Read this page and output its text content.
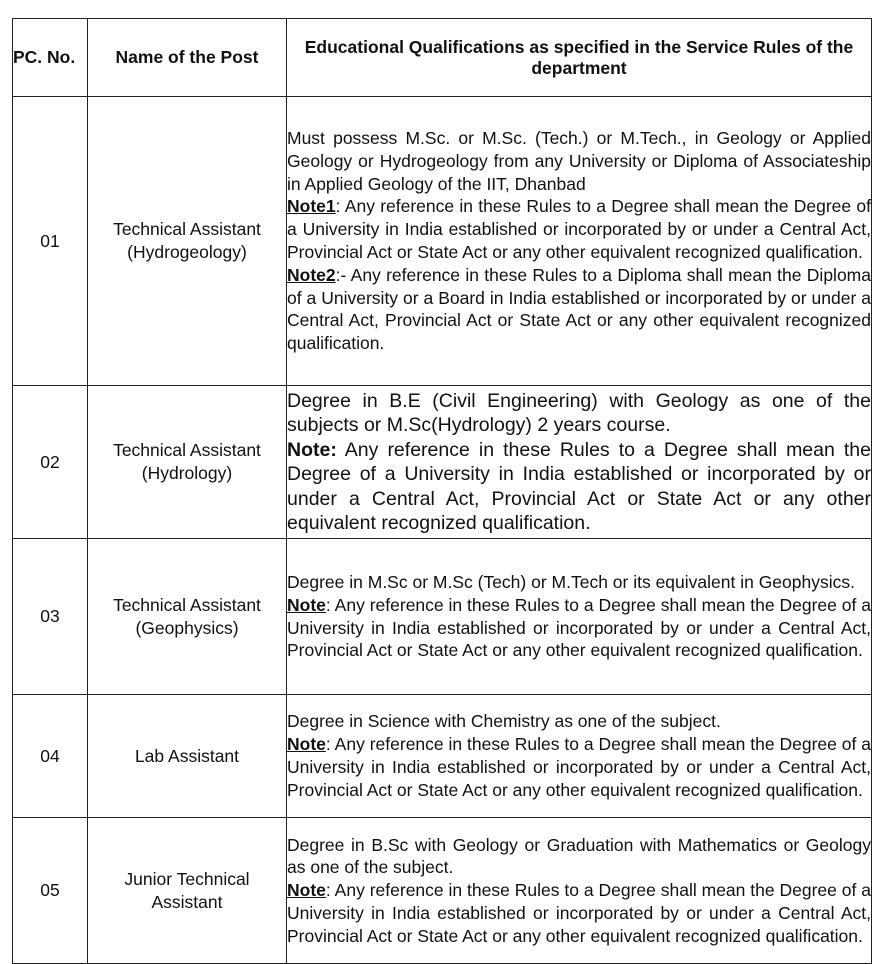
PC. No.	Name of the Post	Educational Qualifications as specified in the Service Rules of the department
01	Technical Assistant (Hydrogeology)	Must possess M.Sc. or M.Sc. (Tech.) or M.Tech., in Geology or Applied Geology or Hydrogeology from any University or Diploma of Associateship in Applied Geology of the IIT, Dhanbad

Note1: Any reference in these Rules to a Degree shall mean the Degree of a University in India established or incorporated by or under a Central Act, Provincial Act or State Act or any other equivalent recognized qualification.

Note2:- Any reference in these Rules to a Diploma shall mean the Diploma of a University or a Board in India established or incorporated by or under a Central Act, Provincial Act or State Act or any other equivalent recognized qualification.

02	Technical Assistant (Hydrology)	Degree in B.E (Civil Engineering) with Geology as one of the subjects or M.Sc(Hydrology) 2 years course.

Note: Any reference in these Rules to a Degree shall mean the Degree of a University in India established or incorporated by or under a Central Act, Provincial Act or State Act or any other equivalent recognized qualification.

03	Technical Assistant (Geophysics)	Degree in M.Sc or M.Sc (Tech) or M.Tech or its equivalent in Geophysics.

Note: Any reference in these Rules to a Degree shall mean the Degree of a University in India established or incorporated by or under a Central Act, Provincial Act or State Act or any other equivalent recognized qualification.

04	Lab Assistant	Degree in Science with Chemistry as one of the subject.

Note: Any reference in these Rules to a Degree shall mean the Degree of a University in India established or incorporated by or under a Central Act, Provincial Act or State Act or any other equivalent recognized qualification.

05	Junior Technical Assistant	Degree in B.Sc with Geology or Graduation with Mathematics or Geology as one of the subject.

Note: Any reference in these Rules to a Degree shall mean the Degree of a University in India established or incorporated by or under a Central Act, Provincial Act or State Act or any other equivalent recognized qualification.
